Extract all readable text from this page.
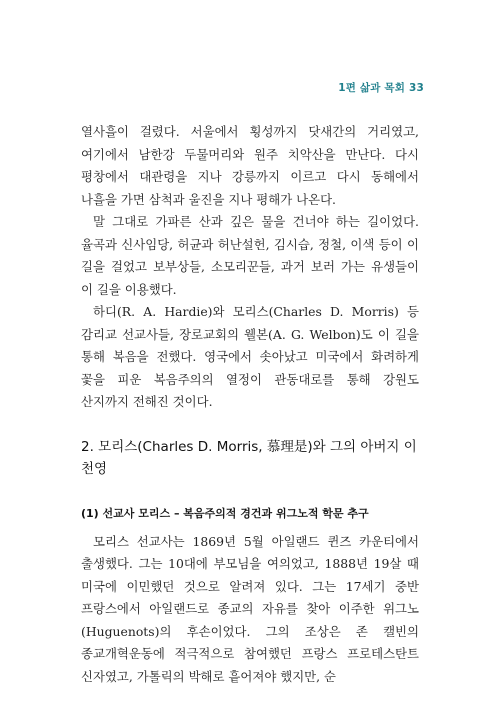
1편 삶과 목회 33

열사흘이 걸렸다. 서울에서 횡성까지 닷새간의 거리였고, 여기에서 남한강 두물머리와 원주 치악산을 만난다. 다시 평창에서 대관령을 지나 강릉까지 이르고 다시 동해에서 나흘을 가면 삼척과 울진을 지나 평해가 나온다.

말 그대로 가파른 산과 깊은 물을 건너야 하는 길이었다. 율곡과 신사임당, 허균과 허난설헌, 김시습, 정철, 이색 등이 이 길을 걸었고 보부상들, 소모리꾼들, 과거 보러 가는 유생들이 이 길을 이용했다.

하디(R. A. Hardie)와 모리스(Charles D. Morris) 등 감리교 선교사들, 장로교회의 웰본(A. G. Welbon)도 이 길을 통해 복음을 전했다. 영국에서 솟아났고 미국에서 화려하게 꽃을 피운 복음주의의 열정이 관동대로를 통해 강원도 산지까지 전해진 것이다.

2. 모리스(Charles D. Morris, 慕理是)와 그의 아버지 이천영
(1) 선교사 모리스 – 복음주의적 경건과 위그노적 학문 추구

모리스 선교사는 1869년 5월 아일랜드 퀸즈 카운티에서 출생했다. 그는 10대에 부모님을 여의었고, 1888년 19살 때 미국에 이민했던 것으로 알려져 있다. 그는 17세기 중반 프랑스에서 아일랜드로 종교의 자유를 찾아 이주한 위그노(Huguenots)의 후손이었다. 그의 조상은 존 캘빈의 종교개혁운동에 적극적으로 참여했던 프랑스 프로테스탄트 신자였고, 가톨릭의 박해로 흩어져야 했지만, 순
